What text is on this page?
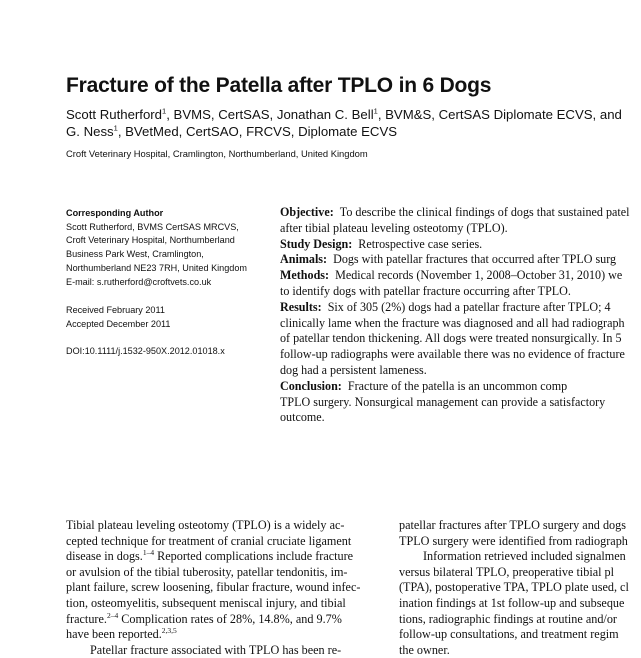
Fracture of the Patella after TPLO in 6 Dogs
Scott Rutherford$^1$, BVMS, CertSAS, Jonathan C. Bell$^1$, BVM&S, CertSAS Diplomate ECVS, and
G. Ness$^1$, BVetMed, CertSAO, FRCVS, Diplomate ECVS
Croft Veterinary Hospital, Cramlington, Northumberland, United Kingdom
Corresponding Author
Scott Rutherford, BVMS CertSAS MRCVS,
Croft Veterinary Hospital, Northumberland
Business Park West, Cramlington,
Northumberland NE23 7RH, United Kingdom
E-mail: s.rutherford@croftvets.co.uk
Received February 2011
Accepted December 2011
DOI:10.1111/j.1532-950X.2012.01018.x
Objective: To describe the clinical findings of dogs that sustained patel
after tibial plateau leveling osteotomy (TPLO).
Study Design: Retrospective case series.
Animals: Dogs with patellar fractures that occurred after TPLO surg
Methods: Medical records (November 1, 2008–October 31, 2010) we
to identify dogs with patellar fracture occurring after TPLO.
Results: Six of 305 (2%) dogs had a patellar fracture after TPLO; 4
clinically lame when the fracture was diagnosed and all had radiograph
of patellar tendon thickening. All dogs were treated nonsurgically. In 5
follow-up radiographs were available there was no evidence of fracture
dog had a persistent lameness.
Conclusion: Fracture of the patella is an uncommon comp
TPLO surgery. Nonsurgical management can provide a satisfactory
outcome.
Tibial plateau leveling osteotomy (TPLO) is a widely ac-
cepted technique for treatment of cranial cruciate ligament
disease in dogs.$^{1-4}$ Reported complications include fracture
or avulsion of the tibial tuberosity, patellar tendonitis, im-
plant failure, screw loosening, fibular fracture, wound infec-
tion, osteomyelitis, subsequent meniscal injury, and tibial
fracture.$^{2-4}$ Complication rates of 28%, 14.8%, and 9.7%
have been reported.$^{2,3,5}$
Patellar fracture associated with TPLO has been re-
patellar fractures after TPLO surgery and dogs
TPLO surgery were identified from radiograph
Information retrieved included signalmen
versus bilateral TPLO, preoperative tibial pl
(TPA), postoperative TPA, TPLO plate used, cl
ination findings at 1st follow-up and subseque
tions, radiographic findings at routine and/or
follow-up consultations, and treatment regim
the owner.
